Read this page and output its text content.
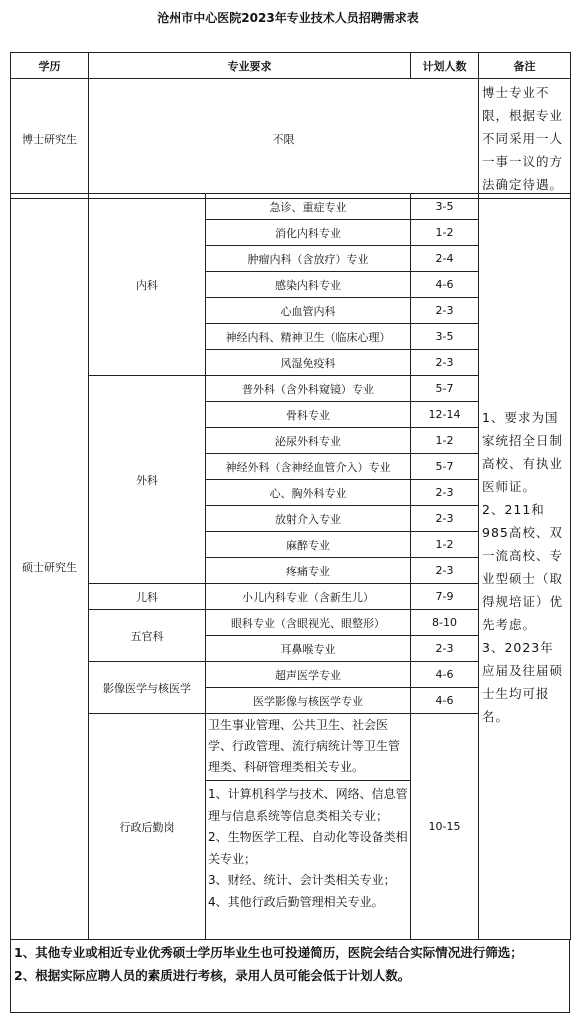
沧州市中心医院2023年专业技术人员招聘需求表
学历	专业要求	计划人数	备注
博士研究生	不限		博士专业不限，根据专业不同采用一人一事一议的方法确定待遇。
硕士研究生	内科	急诊、重症专业	3-5	1、要求为国家统招全日制高校、有执业医师证。
2、211和985高校、双一流高校、专业型硕士（取得规培证）优先考虑。
3、2023年应届及往届硕士生均可报名。

		消化内科专业	1-2	
		肿瘤内科（含放疗）专业	2-4	
		感染内科专业	4-6	
		心血管内科	2-3	
		神经内科、精神卫生（临床心理）	3-5	
		风湿免疫科	2-3	
	外科	普外科（含外科窥镜）专业	5-7	
		骨科专业	12-14	
		泌尿外科专业	1-2	
		神经外科（含神经血管介入）专业	5-7	
		心、胸外科专业	2-3	
		放射介入专业	2-3	
		麻醉专业	1-2	
		疼痛专业	2-3	
	儿科	小儿内科专业（含新生儿）	7-9	
	五官科	眼科专业（含眼视光、眼整形）	8-10	
		耳鼻喉专业	2-3	
	影像医学与核医学	超声医学专业	4-6	
		医学影像与核医学专业	4-6	
	行政后勤岗	卫生事业管理、公共卫生、社会医学、行政管理、流行病统计等卫生管理类、科研管理类相关专业。
1、计算机科学与技术、网络、信息管理与信息系统等信息类相关专业；
2、生物医学工程、自动化等设备类相关专业；
3、财经、统计、会计类相关专业；
4、其他行政后勤管理相关专业。	10-15	
1、其他专业或相近专业优秀硕士学历毕业生也可投递简历，医院会结合实际情况进行筛选；
2、根据实际应聘人员的素质进行考核，录用人员可能会低于计划人数。
